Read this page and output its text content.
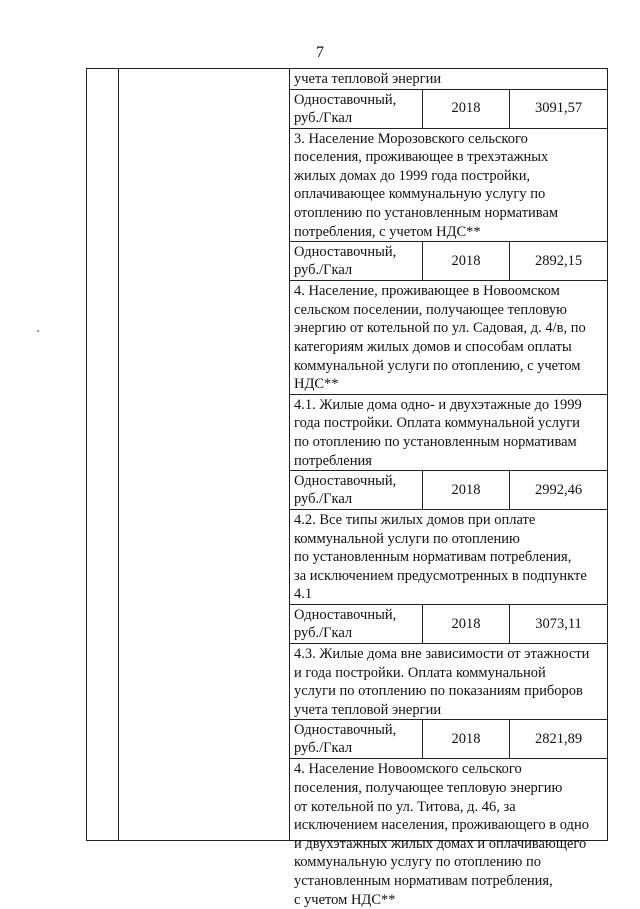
7
учета тепловой энергии
Одноставочный,
руб./Гкал
2018	3091,57
3. Население Морозовского сельского
поселения, проживающее в трехэтажных
жилых домах до 1999 года постройки,
оплачивающее коммунальную услугу по
отоплению по установленным нормативам
потребления, с учетом НДС**
Одноставочный,
руб./Гкал
2018	2892,15
4. Население, проживающее в Новоомском
сельском поселении, получающее тепловую
энергию от котельной по ул. Садовая, д. 4/в, по
категориям жилых домов и способам оплаты
коммунальной услуги по отоплению, с учетом
НДС**
4.1. Жилые дома одно- и двухэтажные до 1999
года постройки. Оплата коммунальной услуги
по отоплению по установленным нормативам
потребления
Одноставочный,
руб./Гкал
2018	2992,46
4.2. Все типы жилых домов при оплате
коммунальной услуги по отоплению
по установленным нормативам потребления,
за исключением предусмотренных в подпункте
4.1
Одноставочный,
руб./Гкал
2018	3073,11
4.3. Жилые дома вне зависимости от этажности
и года постройки. Оплата коммунальной
услуги по отоплению по показаниям приборов
учета тепловой энергии
Одноставочный,
руб./Гкал
2018	2821,89
4. Население Новоомского сельского
поселения, получающее тепловую энергию
от котельной по ул. Титова, д. 46, за
исключением населения, проживающего в одно
и двухэтажных жилых домах и оплачивающего
коммунальную услугу по отоплению по
установленным нормативам потребления,
с учетом НДС**
